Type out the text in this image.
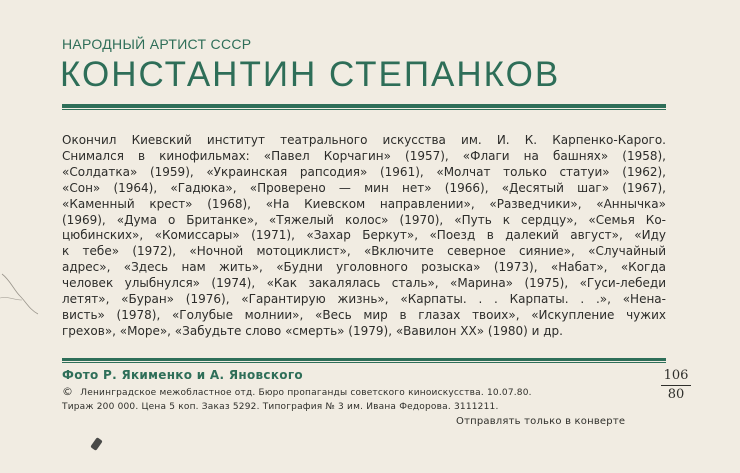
НАРОДНЫЙ АРТИСТ СССР
КОНСТАНТИН СТЕПАНКОВ
Окончил Киевский институт театрального искусства им. И. К. Карпенко-Карого.
Снимался в кинофильмах: «Павел Корчагин» (1957), «Флаги на башнях» (1958),
«Солдатка» (1959), «Украинская рапсодия» (1961), «Молчат только статуи» (1962),
«Сон» (1964), «Гадюка», «Проверено — мин нет» (1966), «Десятый шаг» (1967),
«Каменный крест» (1968), «На Киевском направлении», «Разведчики», «Аннычка»
(1969), «Дума о Британке», «Тяжелый колос» (1970), «Путь к сердцу», «Семья Ко-
цюбинских», «Комиссары» (1971), «Захар Беркут», «Поезд в далекий август», «Иду
к тебе» (1972), «Ночной мотоциклист», «Включите северное сияние», «Случайный
адрес», «Здесь нам жить», «Будни уголовного розыска» (1973), «Набат», «Когда
человек улыбнулся» (1974), «Как закалялась сталь», «Марина» (1975), «Гуси-лебеди
летят», «Буран» (1976), «Гарантирую жизнь», «Карпаты. . . Карпаты. . .», «Нена-
висть» (1978), «Голубые молнии», «Весь мир в глазах твоих», «Искупление чужих
грехов», «Море», «Забудьте слово «смерть» (1979), «Вавилон XX» (1980) и др.
Фото Р. Якименко и А. Яновского
© Ленинградское межобластное отд. Бюро пропаганды советского киноискусства. 10.07.80.
Тираж 200 000. Цена 5 коп. Заказ 5292. Типография № 3 им. Ивана Федорова. 3111211.
106
80
Отправлять только в конверте
